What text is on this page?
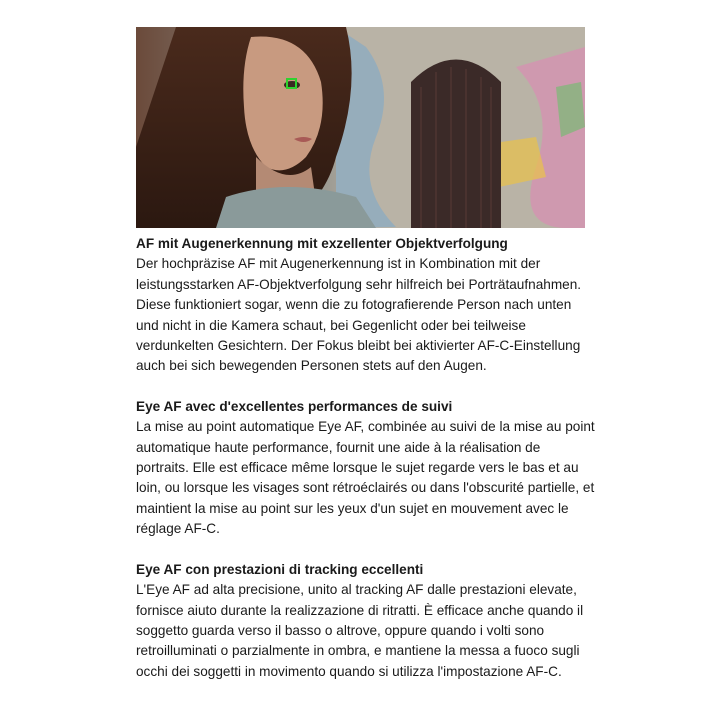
AF mit Augenerkennung mit exzellenter Objektverfolgung

Der hochpräzise AF mit Augenerkennung ist in Kombination mit der leistungsstarken AF-Objektverfolgung sehr hilfreich bei Porträtaufnahmen. Diese funktioniert sogar, wenn die zu fotografierende Person nach unten und nicht in die Kamera schaut, bei Gegenlicht oder bei teilweise verdunkelten Gesichtern. Der Fokus bleibt bei aktivierter AF-C-Einstellung auch bei sich bewegenden Personen stets auf den Augen.

Eye AF avec d'excellentes performances de suivi

La mise au point automatique Eye AF, combinée au suivi de la mise au point automatique haute performance, fournit une aide à la réalisation de portraits. Elle est efficace même lorsque le sujet regarde vers le bas et au loin, ou lorsque les visages sont rétroéclairés ou dans l'obscurité partielle, et maintient la mise au point sur les yeux d'un sujet en mouvement avec le réglage AF-C.

Eye AF con prestazioni di tracking eccellenti

L'Eye AF ad alta precisione, unito al tracking AF dalle prestazioni elevate, fornisce aiuto durante la realizzazione di ritratti. È efficace anche quando il soggetto guarda verso il basso o altrove, oppure quando i volti sono retroilluminati o parzialmente in ombra, e mantiene la messa a fuoco sugli occhi dei soggetti in movimento quando si utilizza l'impostazione AF-C.
